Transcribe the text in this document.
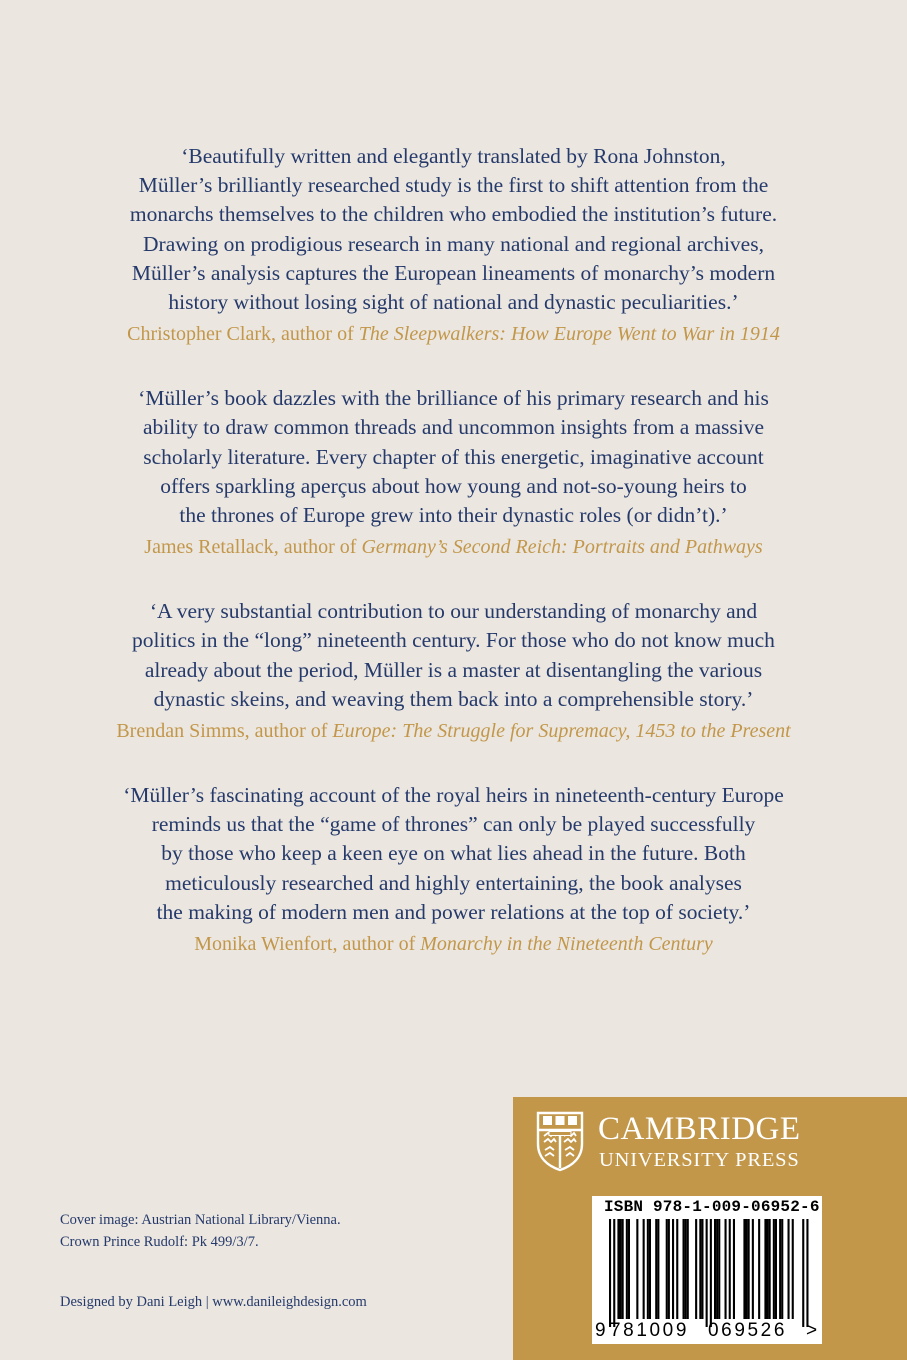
‘Beautifully written and elegantly translated by Rona Johnston,
Müller’s brilliantly researched study is the first to shift attention from the
monarchs themselves to the children who embodied the institution’s future.
Drawing on prodigious research in many national and regional archives,
Müller’s analysis captures the European lineaments of monarchy’s modern
history without losing sight of national and dynastic peculiarities.’
Christopher Clark, author of The Sleepwalkers: How Europe Went to War in 1914
‘Müller’s book dazzles with the brilliance of his primary research and his
ability to draw common threads and uncommon insights from a massive
scholarly literature. Every chapter of this energetic, imaginative account
offers sparkling aperçus about how young and not-so-young heirs to
the thrones of Europe grew into their dynastic roles (or didn’t).’
James Retallack, author of Germany’s Second Reich: Portraits and Pathways
‘A very substantial contribution to our understanding of monarchy and
politics in the “long” nineteenth century. For those who do not know much
already about the period, Müller is a master at disentangling the various
dynastic skeins, and weaving them back into a comprehensible story.’
Brendan Simms, author of Europe: The Struggle for Supremacy, 1453 to the Present
‘Müller’s fascinating account of the royal heirs in nineteenth-century Europe
reminds us that the “game of thrones” can only be played successfully
by those who keep a keen eye on what lies ahead in the future. Both
meticulously researched and highly entertaining, the book analyses
the making of modern men and power relations at the top of society.’
Monika Wienfort, author of Monarchy in the Nineteenth Century
Cover image: Austrian National Library/Vienna.
Crown Prince Rudolf: Pk 499/3/7.
Designed by Dani Leigh | www.danileighdesign.com
CAMBRIDGE
UNIVERSITY PRESS
ISBN 978-1-009-06952-6
9 781009 069526 >
